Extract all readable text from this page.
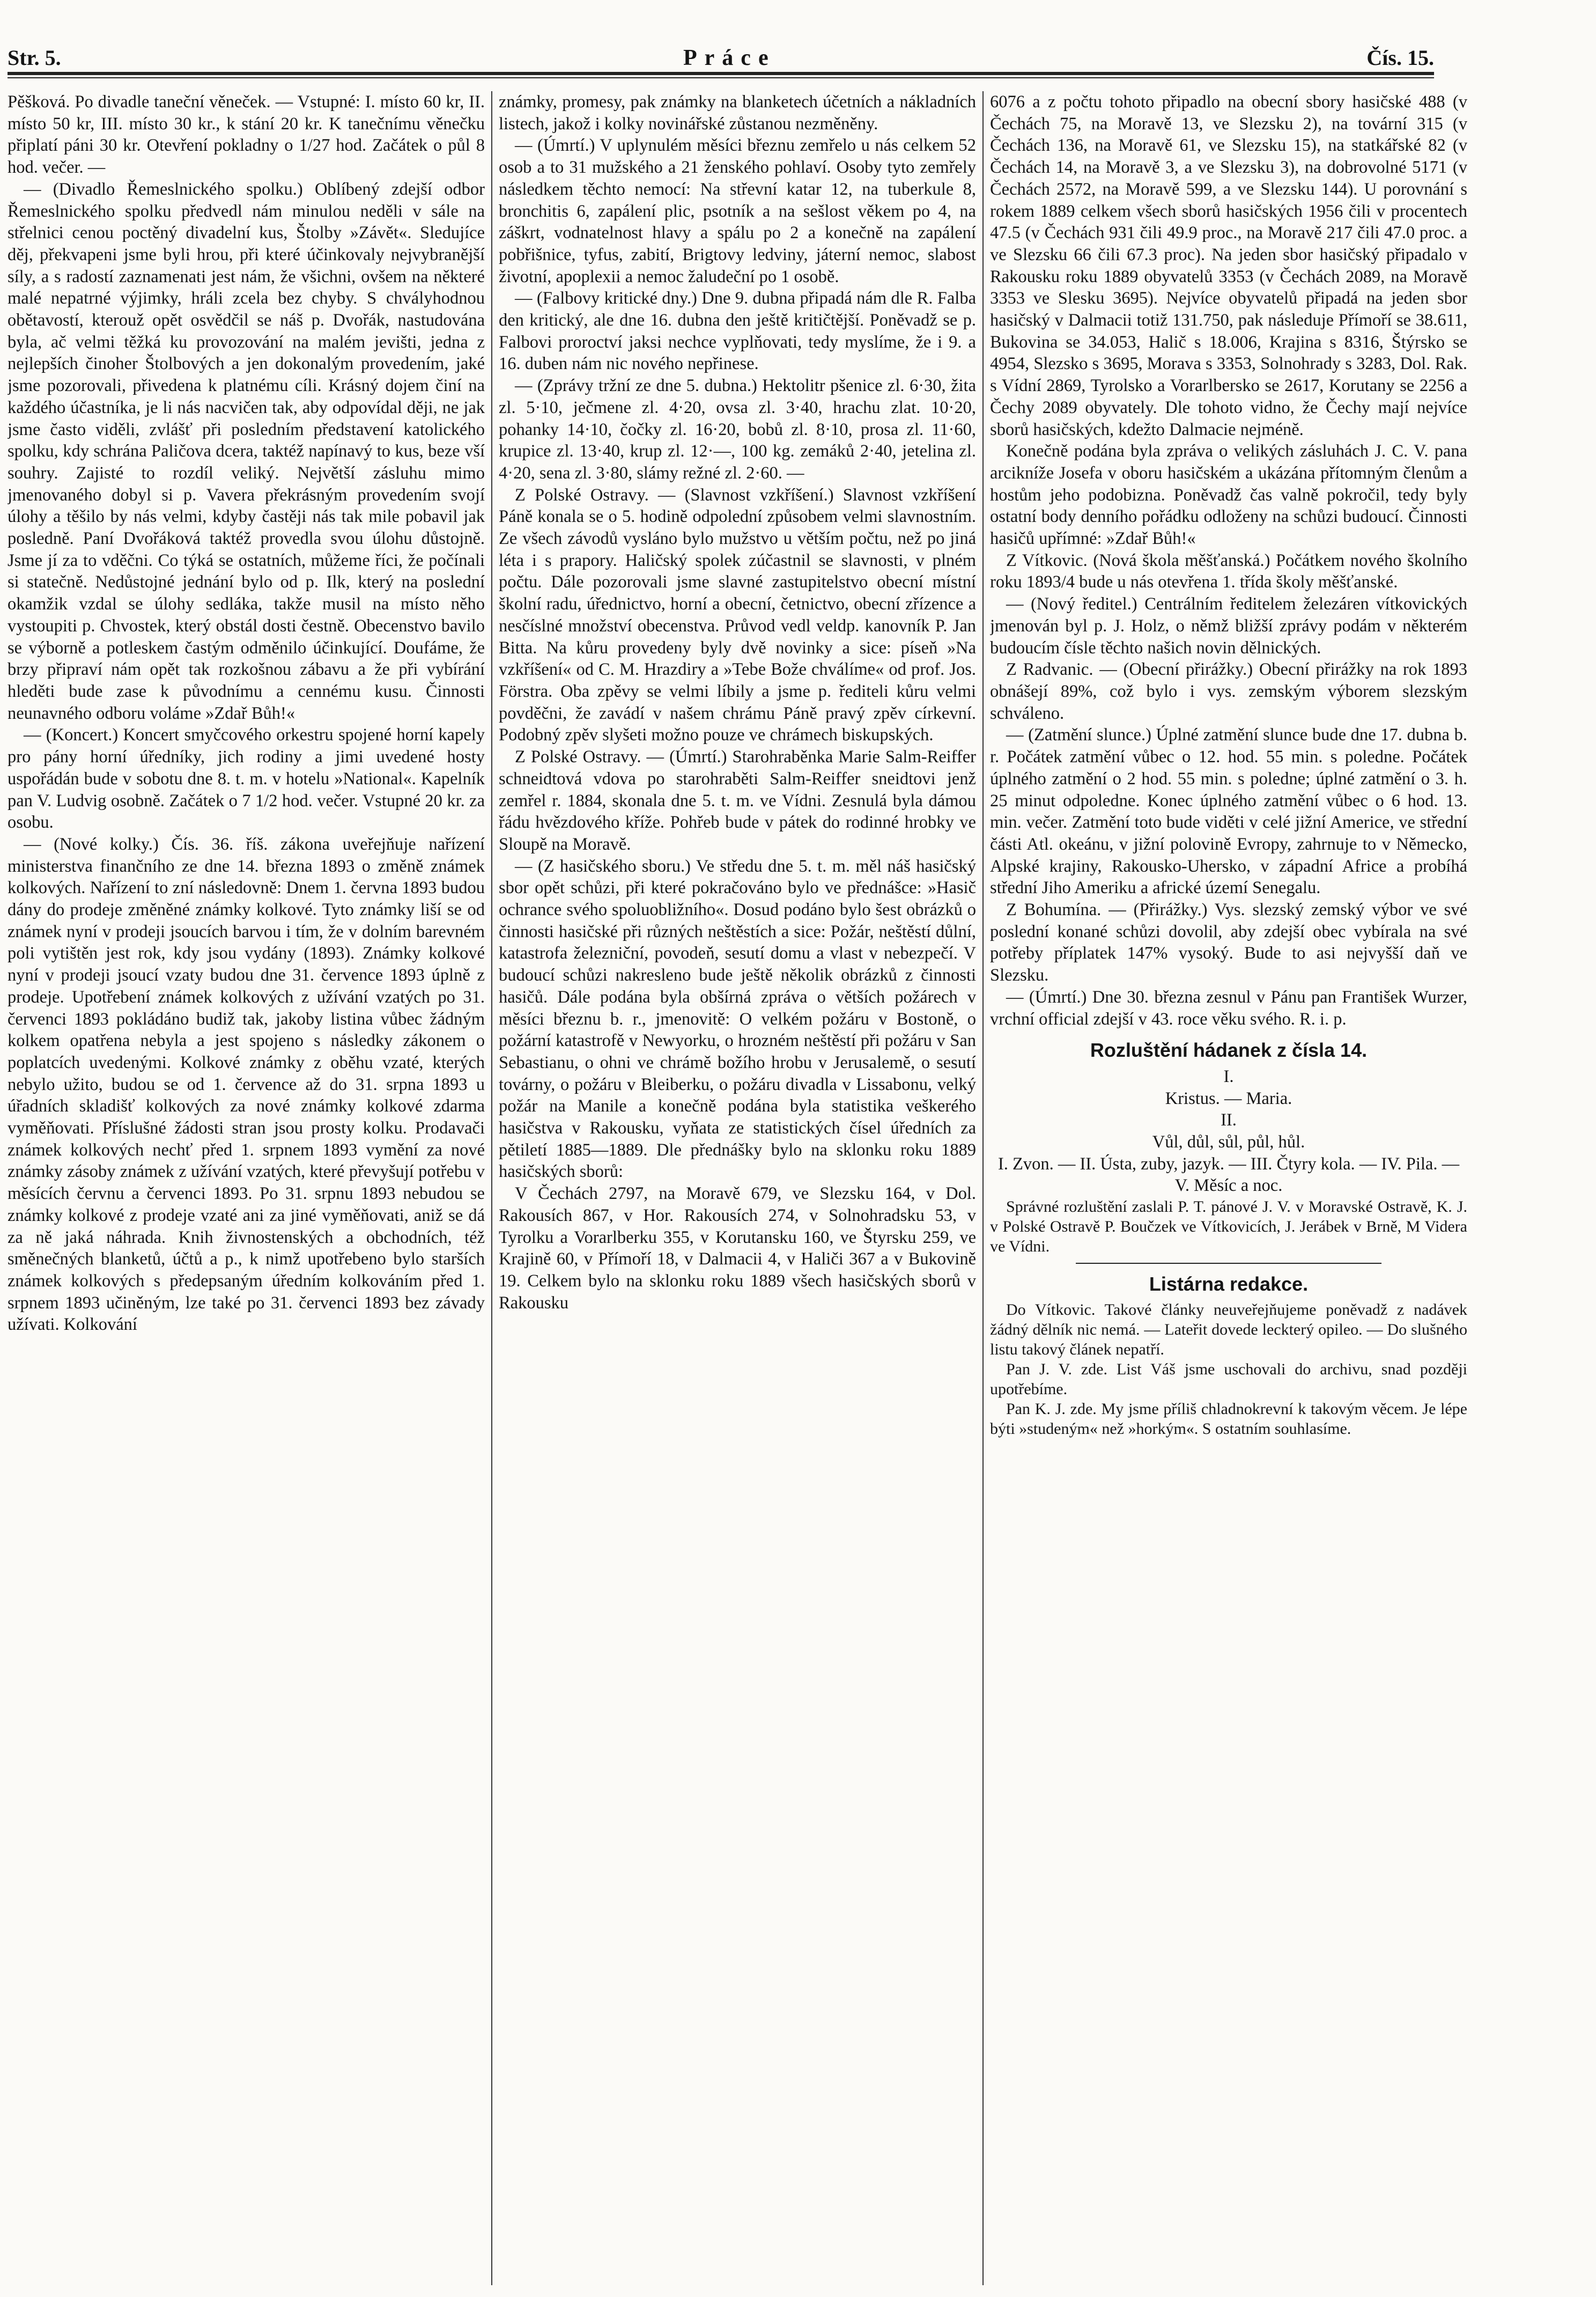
Str. 5.	Práce	Čís. 15.

Pěšková. Po divadle taneční věneček. — Vstupné: I. místo 60 kr, II. místo 50 kr, III. místo 30 kr., k stání 20 kr. K tanečnímu věnečku připlatí páni 30 kr. Otevření pokladny o 1/27 hod. Začátek o půl 8 hod. večer. —

— (Divadlo Řemeslnického spolku.) Oblíbený zdejší odbor Řemeslnického spolku předvedl nám minulou neděli v sále na střelnici cenou poctěný divadelní kus, Štolby »Závět«. Sledujíce děj, překvapeni jsme byli hrou, při které účinkovaly nejvybranější síly, a s radostí zaznamenati jest nám, že všichni, ovšem na některé malé nepatrné výjimky, hráli zcela bez chyby. S chvályhodnou obětavostí, kterouž opět osvědčil se náš p. Dvořák, nastudována byla, ač velmi těžká ku provozování na malém jevišti, jedna z nejlepších činoher Štolbových a jen dokonalým provedením, jaké jsme pozorovali, přivedena k platnému cíli. Krásný dojem činí na každého účastníka, je li nás nacvičen tak, aby odpovídal ději, ne jak jsme často viděli, zvlášť při posledním představení katolického spolku, kdy schrána Paličova dcera, taktéž napínavý to kus, beze vší souhry. Zajisté to rozdíl veliký. Největší zásluhu mimo jmenovaného dobyl si p. Vavera překrásným provedením svojí úlohy a těšilo by nás velmi, kdyby častěji nás tak mile pobavil jak posledně. Paní Dvořáková taktéž provedla svou úlohu důstojně. Jsme jí za to vděčni. Co týká se ostatních, můžeme říci, že počínali si statečně. Nedůstojné jednání bylo od p. Ilk, který na poslední okamžik vzdal se úlohy sedláka, takže musil na místo něho vystoupiti p. Chvostek, který obstál dosti čestně. Obecenstvo bavilo se výborně a potleskem častým odměnilo účinkující. Doufáme, že brzy připraví nám opět tak rozkošnou zábavu a že při vybírání hleděti bude zase k původnímu a cennému kusu. Činnosti neunavného odboru voláme »Zdař Bůh!«

— (Koncert.) Koncert smyčcového orkestru spojené horní kapely pro pány horní úředníky, jich rodiny a jimi uvedené hosty uspořádán bude v sobotu dne 8. t. m. v hotelu »National«. Kapelník pan V. Ludvig osobně. Začátek o 7 1/2 hod. večer. Vstupné 20 kr. za osobu.

— (Nové kolky.) Čís. 36. říš. zákona uveřejňuje nařízení ministerstva finančního ze dne 14. března 1893 o změně známek kolkových. Nařízení to zní následovně: Dnem 1. června 1893 budou dány do prodeje změněné známky kolkové. Tyto známky liší se od známek nyní v prodeji jsoucích barvou i tím, že v dolním barevném poli vytištěn jest rok, kdy jsou vydány (1893). Známky kolkové nyní v prodeji jsoucí vzaty budou dne 31. července 1893 úplně z prodeje. Upotřebení známek kolkových z užívání vzatých po 31. červenci 1893 pokládáno budiž tak, jakoby listina vůbec žádným kolkem opatřena nebyla a jest spojeno s následky zákonem o poplatcích uvedenými. Kolkové známky z oběhu vzaté, kterých nebylo užito, budou se od 1. července až do 31. srpna 1893 u úřadních skladišť kolkových za nové známky kolkové zdarma vyměňovati. Příslušné žádosti stran jsou prosty kolku. Prodavači známek kolkových nechť před 1. srpnem 1893 vymění za nové známky zásoby známek z užívání vzatých, které převyšují potřebu v měsících červnu a červenci 1893. Po 31. srpnu 1893 nebudou se známky kolkové z prodeje vzaté ani za jiné vyměňovati, aniž se dá za ně jaká náhrada. Knih živnostenských a obchodních, též směnečných blanketů, účtů a p., k nimž upotřebeno bylo starších známek kolkových s předepsaným úředním kolkováním před 1. srpnem 1893 učiněným, lze také po 31. červenci 1893 bez závady užívati. Kolkování

známky, promesy, pak známky na blanketech účetních a nákladních listech, jakož i kolky novinářské zůstanou nezměněny.

— (Úmrtí.) V uplynulém měsíci březnu zemřelo u nás celkem 52 osob a to 31 mužského a 21 ženského pohlaví. Osoby tyto zemřely následkem těchto nemocí: Na střevní katar 12, na tuberkule 8, bronchitis 6, zapálení plic, psotník a na sešlost věkem po 4, na záškrt, vodnatelnost hlavy a spálu po 2 a konečně na zapálení pobřišnice, tyfus, zabití, Brigtovy ledviny, játerní nemoc, slabost životní, apoplexii a nemoc žaludeční po 1 osobě.

— (Falbovy kritické dny.) Dne 9. dubna připadá nám dle R. Falba den kritický, ale dne 16. dubna den ještě kritičtější. Poněvadž se p. Falbovi proroctví jaksi nechce vyplňovati, tedy myslíme, že i 9. a 16. duben nám nic nového nepřinese.

— (Zprávy tržní ze dne 5. dubna.) Hektolitr pšenice zl. 6·30, žita zl. 5·10, ječmene zl. 4·20, ovsa zl. 3·40, hrachu zlat. 10·20, pohanky 14·10, čočky zl. 16·20, bobů zl. 8·10, prosa zl. 11·60, krupice zl. 13·40, krup zl. 12·—, 100 kg. zemáků 2·40, jetelina zl. 4·20, sena zl. 3·80, slámy režné zl. 2·60. —

Z Polské Ostravy. — (Slavnost vzkříšení.) Slavnost vzkříšení Páně konala se o 5. hodině odpolední způsobem velmi slavnostním. Ze všech závodů vysláno bylo mužstvo u větším počtu, než po jiná léta i s prapory. Haličský spolek zúčastnil se slavnosti, v plném počtu. Dále pozorovali jsme slavné zastupitelstvo obecní místní školní radu, úřednictvo, horní a obecní, četnictvo, obecní zřízence a nesčíslné množství obecenstva. Průvod vedl veldp. kanovník P. Jan Bitta. Na kůru provedeny byly dvě novinky a sice: píseň »Na vzkříšení« od C. M. Hrazdiry a »Tebe Bože chválíme« od prof. Jos. Förstra. Oba zpěvy se velmi líbily a jsme p. řediteli kůru velmi povděčni, že zavádí v našem chrámu Páně pravý zpěv církevní. Podobný zpěv slyšeti možno pouze ve chrámech biskupských.

Z Polské Ostravy. — (Úmrtí.) Starohraběnka Marie Salm-Reiffer schneidtová vdova po starohraběti Salm-Reiffer sneidtovi jenž zemřel r. 1884, skonala dne 5. t. m. ve Vídni. Zesnulá byla dámou řádu hvězdového kříže. Pohřeb bude v pátek do rodinné hrobky ve Sloupě na Moravě.

— (Z hasičského sboru.) Ve středu dne 5. t. m. měl náš hasičský sbor opět schůzi, při které pokračováno bylo ve přednášce: »Hasič ochrance svého spoluobližního«. Dosud podáno bylo šest obrázků o činnosti hasičské při různých neštěstích a sice: Požár, neštěstí důlní, katastrofa železniční, povodeň, sesutí domu a vlast v nebezpečí. V budoucí schůzi nakresleno bude ještě několik obrázků z činnosti hasičů. Dále podána byla obšírná zpráva o větších požárech v měsíci březnu b. r., jmenovitě: O velkém požáru v Bostoně, o požární katastrofě v Newyorku, o hrozném neštěstí při požáru v San Sebastianu, o ohni ve chrámě božího hrobu v Jerusalemě, o sesutí továrny, o požáru v Bleiberku, o požáru divadla v Lissabonu, velký požár na Manile a konečně podána byla statistika veškerého hasičstva v Rakousku, vyňata ze statistických čísel úředních za pětiletí 1885—1889. Dle přednášky bylo na sklonku roku 1889 hasičských sborů:

V Čechách 2797, na Moravě 679, ve Slezsku 164, v Dol. Rakousích 867, v Hor. Rakousích 274, v Solnohradsku 53, v Tyrolku a Vorarlberku 355, v Korutansku 160, ve Štyrsku 259, ve Krajině 60, v Přímoří 18, v Dalmacii 4, v Haliči 367 a v Bukovině 19. Celkem bylo na sklonku roku 1889 všech hasičských sborů v Rakousku

6076 a z počtu tohoto připadlo na obecní sbory hasičské 488 (v Čechách 75, na Moravě 13, ve Slezsku 2), na tovární 315 (v Čechách 136, na Moravě 61, ve Slezsku 15), na statkářské 82 (v Čechách 14, na Moravě 3, a ve Slezsku 3), na dobrovolné 5171 (v Čechách 2572, na Moravě 599, a ve Slezsku 144). U porovnání s rokem 1889 celkem všech sborů hasičských 1956 čili v procentech 47.5 (v Čechách 931 čili 49.9 proc., na Moravě 217 čili 47.0 proc. a ve Slezsku 66 čili 67.3 proc). Na jeden sbor hasičský připadalo v Rakousku roku 1889 obyvatelů 3353 (v Čechách 2089, na Moravě 3353 ve Slesku 3695). Nejvíce obyvatelů připadá na jeden sbor hasičský v Dalmacii totiž 131.750, pak následuje Přímoří se 38.611, Bukovina se 34.053, Halič s 18.006, Krajina s 8316, Štýrsko se 4954, Slezsko s 3695, Morava s 3353, Solnohrady s 3283, Dol. Rak. s Vídní 2869, Tyrolsko a Vorarlbersko se 2617, Korutany se 2256 a Čechy 2089 obyvately. Dle tohoto vidno, že Čechy mají nejvíce sborů hasičských, kdežto Dalmacie nejméně.

Konečně podána byla zpráva o velikých zásluhách J. C. V. pana arcikníže Josefa v oboru hasičském a ukázána přítomným členům a hostům jeho podobizna. Poněvadž čas valně pokročil, tedy byly ostatní body denního pořádku odloženy na schůzi budoucí. Činnosti hasičů upřímné: »Zdař Bůh!«

Z Vítkovic. (Nová škola měšťanská.) Počátkem nového školního roku 1893/4 bude u nás otevřena 1. třída školy měšťanské.

— (Nový ředitel.) Centrálním ředitelem železáren vítkovických jmenován byl p. J. Holz, o němž bližší zprávy podám v některém budoucím čísle těchto našich novin dělnických.

Z Radvanic. — (Obecní přirážky.) Obecní přirážky na rok 1893 obnášejí 89%, což bylo i vys. zemským výborem slezským schváleno.

— (Zatmění slunce.) Úplné zatmění slunce bude dne 17. dubna b. r. Počátek zatmění vůbec o 12. hod. 55 min. s poledne. Počátek úplného zatmění o 2 hod. 55 min. s poledne; úplné zatmění o 3. h. 25 minut odpoledne. Konec úplného zatmění vůbec o 6 hod. 13. min. večer. Zatmění toto bude viděti v celé jižní Americe, ve střední části Atl. okeánu, v jižní polovině Evropy, zahrnuje to v Německo, Alpské krajiny, Rakousko-Uhersko, v západní Africe a probíhá střední Jiho Ameriku a africké území Senegalu.

Z Bohumína. — (Přirážky.) Vys. slezský zemský výbor ve své poslední konané schůzi dovolil, aby zdejší obec vybírala na své potřeby příplatek 147% vysoký. Bude to asi nejvyšší daň ve Slezsku.

— (Úmrtí.) Dne 30. března zesnul v Pánu pan František Wurzer, vrchní official zdejší v 43. roce věku svého. R. i. p.

Rozluštění hádanek z čísla 14.

I.

Kristus. — Maria.

II.

Vůl, důl, sůl, půl, hůl.

I. Zvon. — II. Ústa, zuby, jazyk. — III. Čtyry kola. — IV. Pila. — V. Měsíc a noc.

Správné rozluštění zaslali P. T. pánové J. V. v Moravské Ostravě, K. J. v Polské Ostravě P. Boučzek ve Vítkovicích, J. Jerábek v Brně, M Videra ve Vídni.

Listárna redakce.

Do Vítkovic. Takové články neuveřejňujeme poněvadž z nadávek žádný dělník nic nemá. — Lateřit dovede leckterý opileo. — Do slušného listu takový článek nepatří.

Pan J. V. zde. List Váš jsme uschovali do archivu, snad později upotřebíme.

Pan K. J. zde. My jsme příliš chladnokrevní k takovým věcem. Je lépe býti »studeným« než »horkým«. S ostatním souhlasíme.
